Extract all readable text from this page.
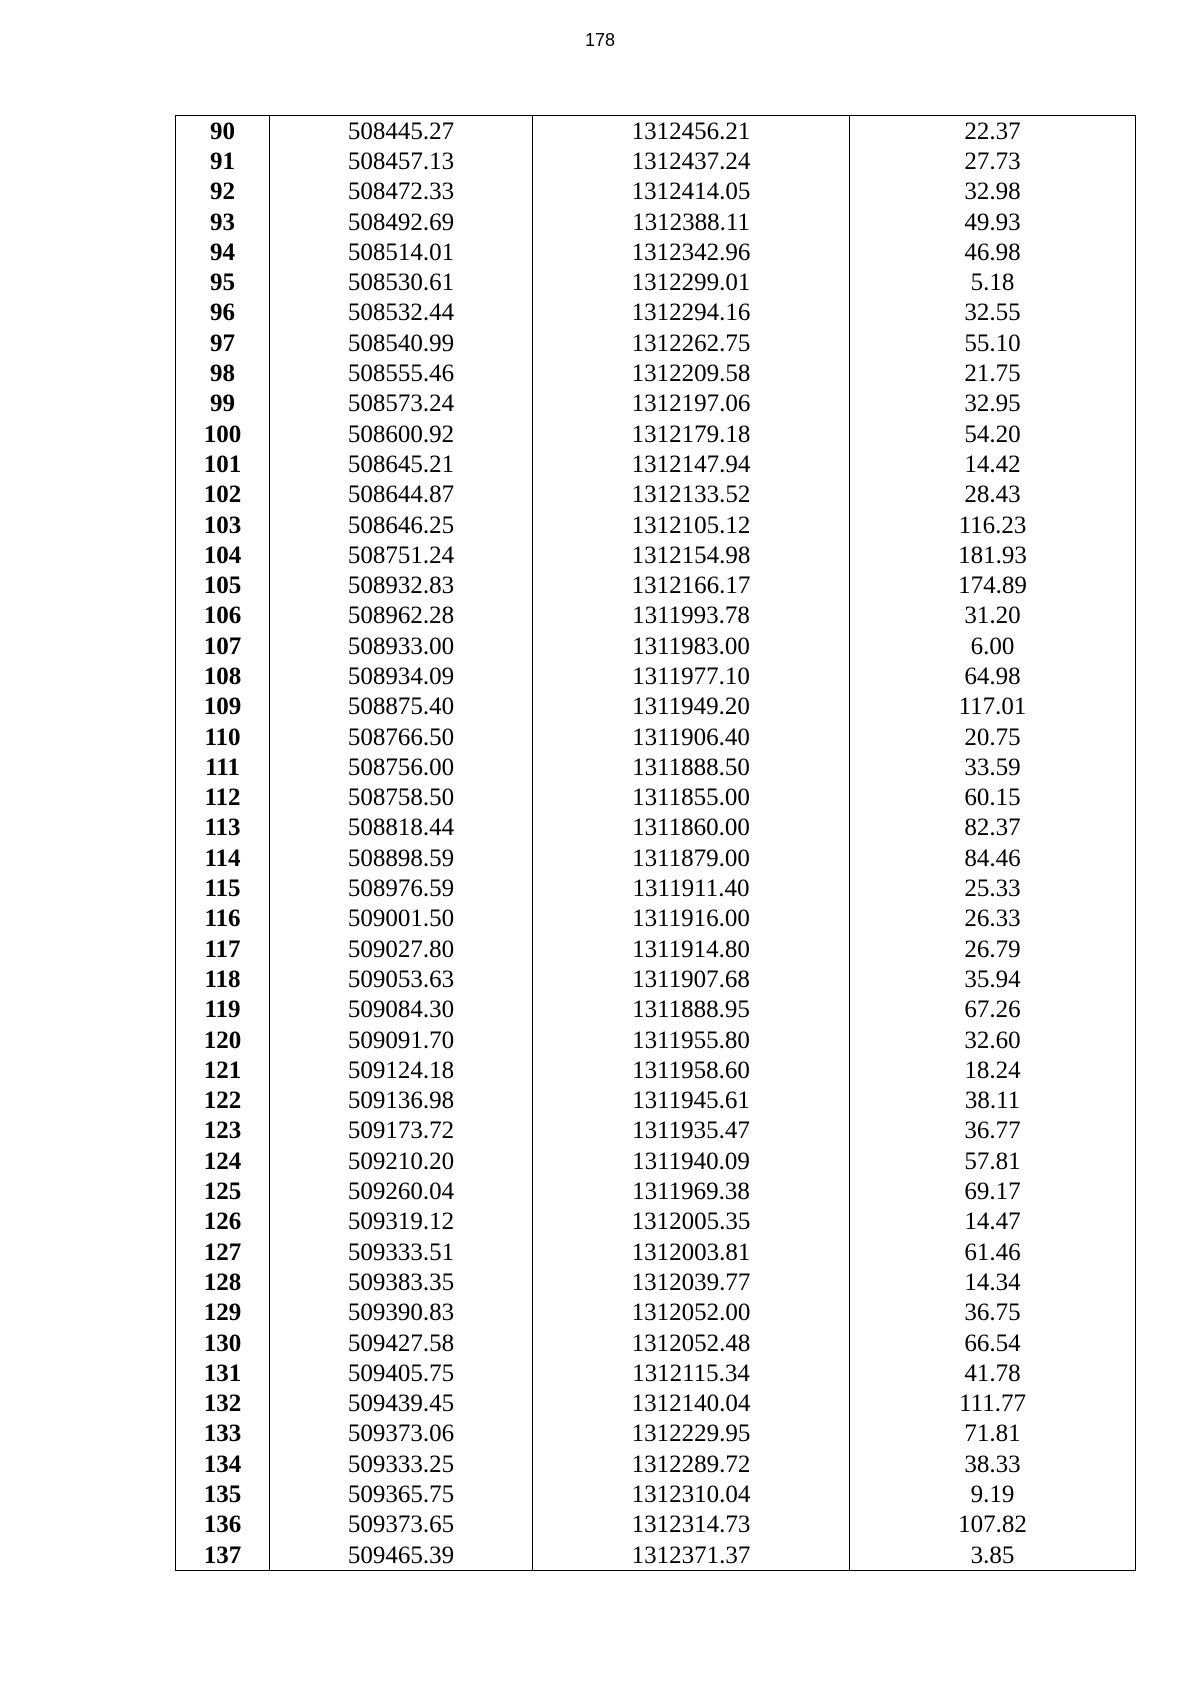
178
90	508445.27	1312456.21	22.37
91	508457.13	1312437.24	27.73
92	508472.33	1312414.05	32.98
93	508492.69	1312388.11	49.93
94	508514.01	1312342.96	46.98
95	508530.61	1312299.01	5.18
96	508532.44	1312294.16	32.55
97	508540.99	1312262.75	55.10
98	508555.46	1312209.58	21.75
99	508573.24	1312197.06	32.95
100	508600.92	1312179.18	54.20
101	508645.21	1312147.94	14.42
102	508644.87	1312133.52	28.43
103	508646.25	1312105.12	116.23
104	508751.24	1312154.98	181.93
105	508932.83	1312166.17	174.89
106	508962.28	1311993.78	31.20
107	508933.00	1311983.00	6.00
108	508934.09	1311977.10	64.98
109	508875.40	1311949.20	117.01
110	508766.50	1311906.40	20.75
111	508756.00	1311888.50	33.59
112	508758.50	1311855.00	60.15
113	508818.44	1311860.00	82.37
114	508898.59	1311879.00	84.46
115	508976.59	1311911.40	25.33
116	509001.50	1311916.00	26.33
117	509027.80	1311914.80	26.79
118	509053.63	1311907.68	35.94
119	509084.30	1311888.95	67.26
120	509091.70	1311955.80	32.60
121	509124.18	1311958.60	18.24
122	509136.98	1311945.61	38.11
123	509173.72	1311935.47	36.77
124	509210.20	1311940.09	57.81
125	509260.04	1311969.38	69.17
126	509319.12	1312005.35	14.47
127	509333.51	1312003.81	61.46
128	509383.35	1312039.77	14.34
129	509390.83	1312052.00	36.75
130	509427.58	1312052.48	66.54
131	509405.75	1312115.34	41.78
132	509439.45	1312140.04	111.77
133	509373.06	1312229.95	71.81
134	509333.25	1312289.72	38.33
135	509365.75	1312310.04	9.19
136	509373.65	1312314.73	107.82
137	509465.39	1312371.37	3.85
